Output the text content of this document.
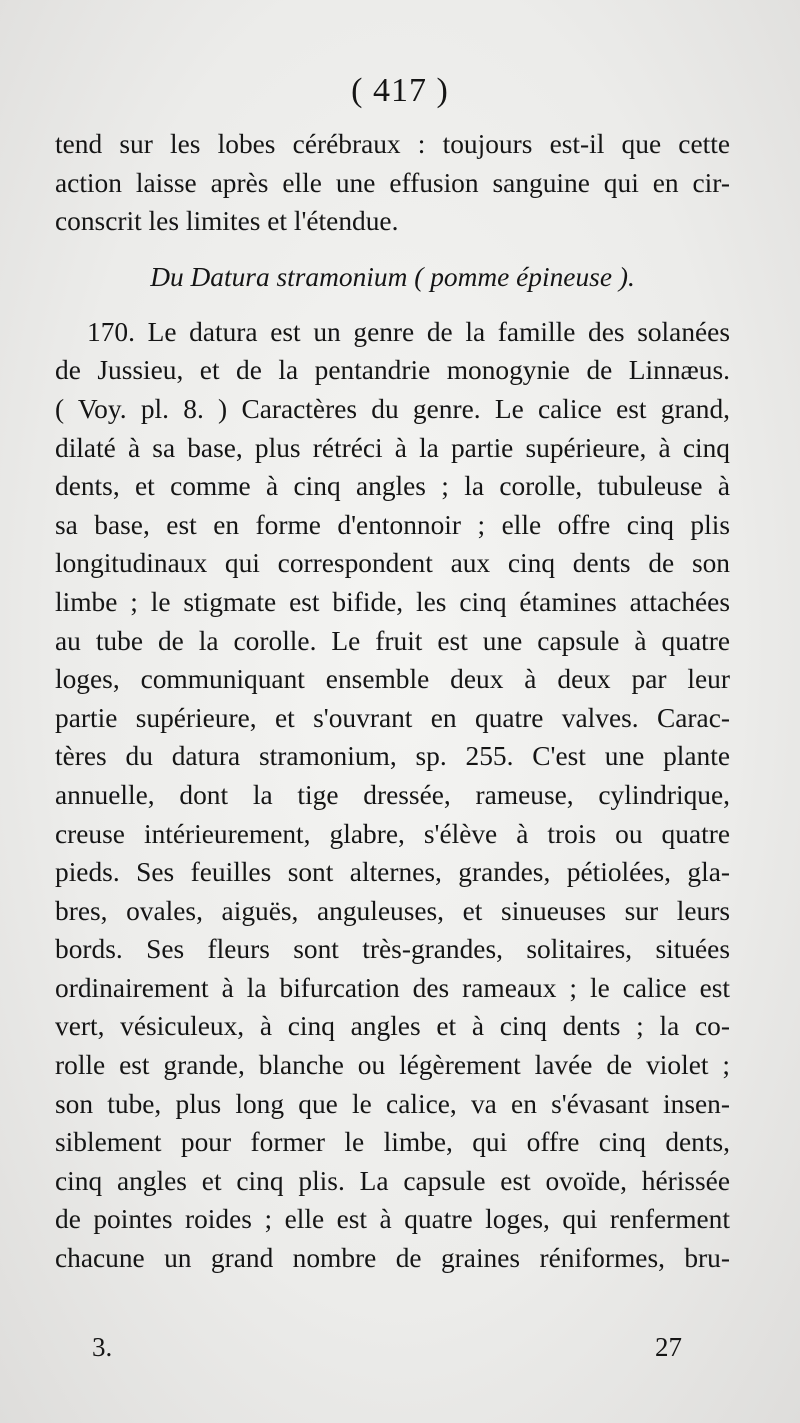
( 417 )
tend sur les lobes cérébraux : toujours est-il que cette
action laisse après elle une effusion sanguine qui en cir-
conscrit les limites et l'étendue.
Du Datura stramonium ( pomme épineuse ).
170. Le datura est un genre de la famille des solanées
de Jussieu, et de la pentandrie monogynie de Linnæus.
( Voy. pl. 8. ) Caractères du genre. Le calice est grand,
dilaté à sa base, plus rétréci à la partie supérieure, à cinq
dents, et comme à cinq angles ; la corolle, tubuleuse à
sa base, est en forme d'entonnoir ; elle offre cinq plis
longitudinaux qui correspondent aux cinq dents de son
limbe ; le stigmate est bifide, les cinq étamines attachées
au tube de la corolle. Le fruit est une capsule à quatre
loges, communiquant ensemble deux à deux par leur
partie supérieure, et s'ouvrant en quatre valves. Carac-
tères du datura stramonium, sp. 255. C'est une plante
annuelle, dont la tige dressée, rameuse, cylindrique,
creuse intérieurement, glabre, s'élève à trois ou quatre
pieds. Ses feuilles sont alternes, grandes, pétiolées, gla-
bres, ovales, aiguës, anguleuses, et sinueuses sur leurs
bords. Ses fleurs sont très-grandes, solitaires, situées
ordinairement à la bifurcation des rameaux ; le calice est
vert, vésiculeux, à cinq angles et à cinq dents ; la co-
rolle est grande, blanche ou légèrement lavée de violet ;
son tube, plus long que le calice, va en s'évasant insen-
siblement pour former le limbe, qui offre cinq dents,
cinq angles et cinq plis. La capsule est ovoïde, hérissée
de pointes roides ; elle est à quatre loges, qui renferment
chacune un grand nombre de graines réniformes, bru-
3.	27
